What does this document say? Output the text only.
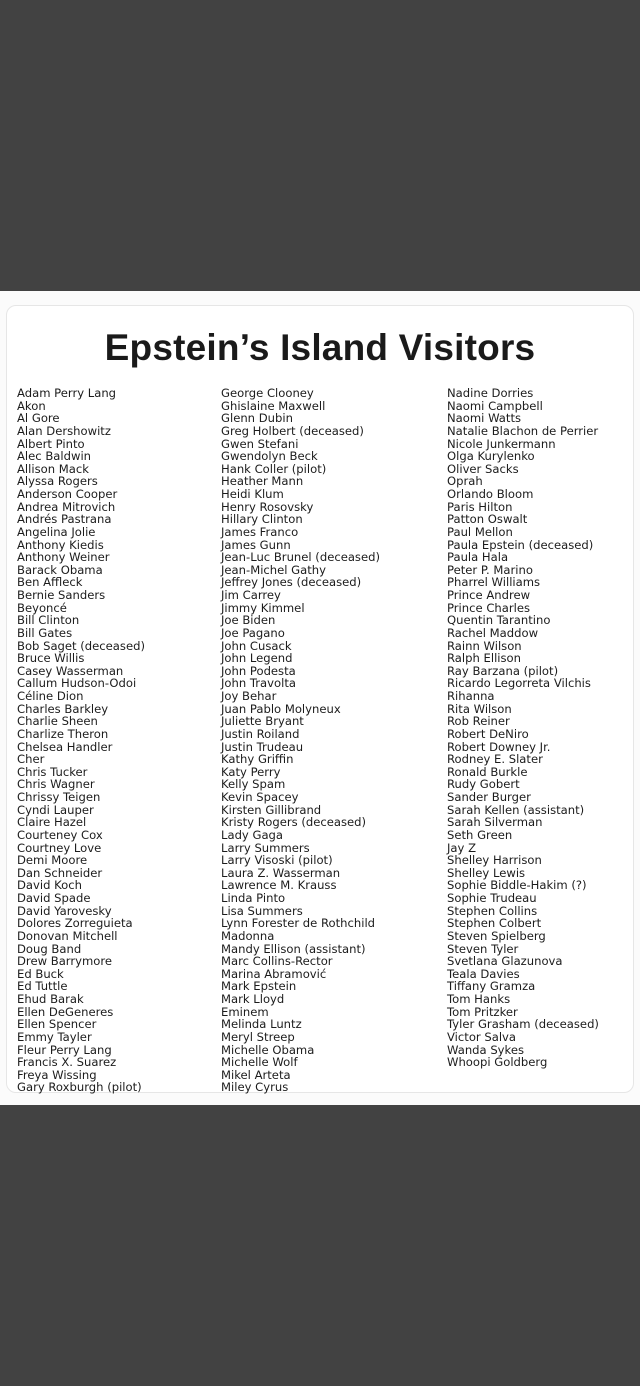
Epstein’s Island Visitors
Adam Perry Lang
Akon
Al Gore
Alan Dershowitz
Albert Pinto
Alec Baldwin
Allison Mack
Alyssa Rogers
Anderson Cooper
Andrea Mitrovich
Andrés Pastrana
Angelina Jolie
Anthony Kiedis
Anthony Weiner
Barack Obama
Ben Affleck
Bernie Sanders
Beyoncé
Bill Clinton
Bill Gates
Bob Saget (deceased)
Bruce Willis
Casey Wasserman
Callum Hudson-Odoi
Céline Dion
Charles Barkley
Charlie Sheen
Charlize Theron
Chelsea Handler
Cher
Chris Tucker
Chris Wagner
Chrissy Teigen
Cyndi Lauper
Claire Hazel
Courteney Cox
Courtney Love
Demi Moore
Dan Schneider
David Koch
David Spade
David Yarovesky
Dolores Zorreguieta
Donovan Mitchell
Doug Band
Drew Barrymore
Ed Buck
Ed Tuttle
Ehud Barak
Ellen DeGeneres
Ellen Spencer
Emmy Tayler
Fleur Perry Lang
Francis X. Suarez
Freya Wissing
Gary Roxburgh (pilot)
George Clooney
Ghislaine Maxwell
Glenn Dubin
Greg Holbert (deceased)
Gwen Stefani
Gwendolyn Beck
Hank Coller (pilot)
Heather Mann
Heidi Klum
Henry Rosovsky
Hillary Clinton
James Franco
James Gunn
Jean-Luc Brunel (deceased)
Jean-Michel Gathy
Jeffrey Jones (deceased)
Jim Carrey
Jimmy Kimmel
Joe Biden
Joe Pagano
John Cusack
John Legend
John Podesta
John Travolta
Joy Behar
Juan Pablo Molyneux
Juliette Bryant
Justin Roiland
Justin Trudeau
Kathy Griffin
Katy Perry
Kelly Spam
Kevin Spacey
Kirsten Gillibrand
Kristy Rogers (deceased)
Lady Gaga
Larry Summers
Larry Visoski (pilot)
Laura Z. Wasserman
Lawrence M. Krauss
Linda Pinto
Lisa Summers
Lynn Forester de Rothchild
Madonna
Mandy Ellison (assistant)
Marc Collins-Rector
Marina Abramović
Mark Epstein
Mark Lloyd
Eminem
Melinda Luntz
Meryl Streep
Michelle Obama
Michelle Wolf
Mikel Arteta
Miley Cyrus
Nadine Dorries
Naomi Campbell
Naomi Watts
Natalie Blachon de Perrier
Nicole Junkermann
Olga Kurylenko
Oliver Sacks
Oprah
Orlando Bloom
Paris Hilton
Patton Oswalt
Paul Mellon
Paula Epstein (deceased)
Paula Hala
Peter P. Marino
Pharrel Williams
Prince Andrew
Prince Charles
Quentin Tarantino
Rachel Maddow
Rainn Wilson
Ralph Ellison
Ray Barzana (pilot)
Ricardo Legorreta Vilchis
Rihanna
Rita Wilson
Rob Reiner
Robert DeNiro
Robert Downey Jr.
Rodney E. Slater
Ronald Burkle
Rudy Gobert
Sander Burger
Sarah Kellen (assistant)
Sarah Silverman
Seth Green
Jay Z
Shelley Harrison
Shelley Lewis
Sophie Biddle-Hakim (?)
Sophie Trudeau
Stephen Collins
Stephen Colbert
Steven Spielberg
Steven Tyler
Svetlana Glazunova
Teala Davies
Tiffany Gramza
Tom Hanks
Tom Pritzker
Tyler Grasham (deceased)
Victor Salva
Wanda Sykes
Whoopi Goldberg
